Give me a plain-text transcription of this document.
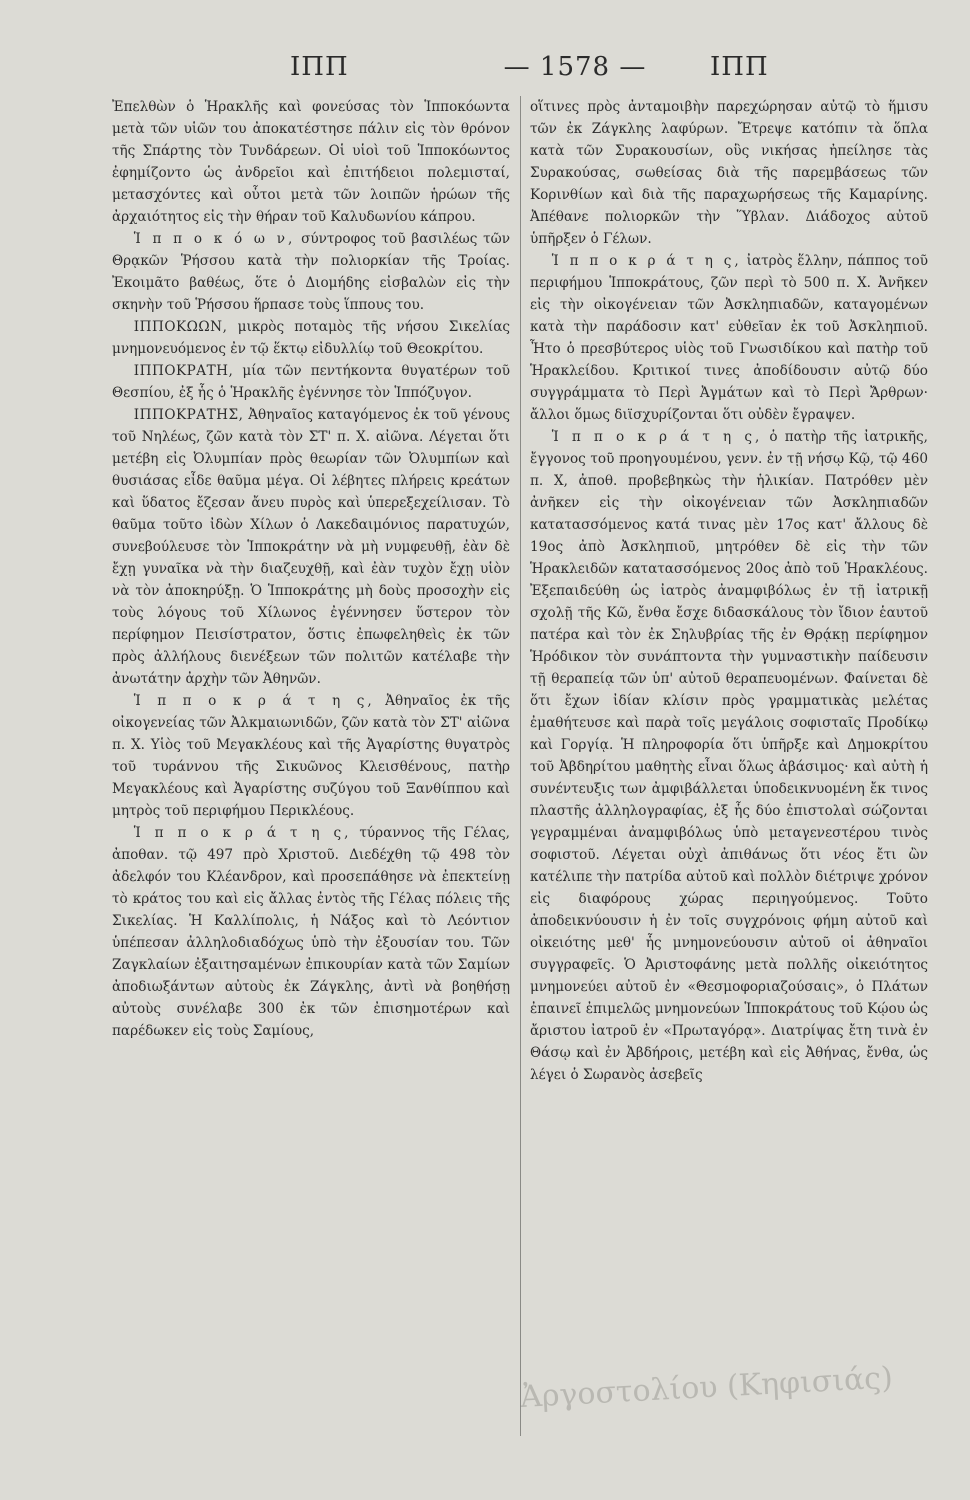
ΙΠΠ	— 1578 —	ΙΠΠ

Ἐπελθὼν ὁ Ἡρακλῆς καὶ φονεύσας τὸν Ἱπποκόωντα μετὰ τῶν υἱῶν του ἀποκατέστησε πάλιν εἰς τὸν θρόνον τῆς Σπάρτης τὸν Τυνδάρεων. Οἱ υἱοὶ τοῦ Ἱπποκόωντος ἐφημίζοντο ὡς ἀνδρεῖοι καὶ ἐπιτήδειοι πολεμισταί, μετασχόντες καὶ οὗτοι μετὰ τῶν λοιπῶν ἡρώων τῆς ἀρχαιότητος εἰς τὴν θήραν τοῦ Καλυδωνίου κάπρου.

Ἱ π π ο κ ό ω ν, σύντροφος τοῦ βασιλέως τῶν Θρᾳκῶν Ῥήσσου κατὰ τὴν πολιορκίαν τῆς Τροίας. Ἐκοιμᾶτο βαθέως, ὅτε ὁ Διομήδης εἰσβαλὼν εἰς τὴν σκηνὴν τοῦ Ῥήσσου ἥρπασε τοὺς ἵππους του.

ΙΠΠΟΚΩΩΝ, μικρὸς ποταμὸς τῆς νήσου Σικελίας μνημονευόμενος ἐν τῷ ἕκτῳ εἰδυλλίῳ τοῦ Θεοκρίτου.

ΙΠΠΟΚΡΑΤΗ, μία τῶν πεντήκοντα θυγατέρων τοῦ Θεσπίου, ἐξ ἧς ὁ Ἡρακλῆς ἐγέννησε τὸν Ἱππόζυγον.

ΙΠΠΟΚΡΑΤΗΣ, Ἀθηναῖος καταγόμενος ἐκ τοῦ γένους τοῦ Νηλέως, ζῶν κατὰ τὸν ΣΤ' π. Χ. αἰῶνα. Λέγεται ὅτι μετέβη εἰς Ὀλυμπίαν πρὸς θεωρίαν τῶν Ὀλυμπίων καὶ θυσιάσας εἶδε θαῦμα μέγα. Οἱ λέβητες πλήρεις κρεάτων καὶ ὕδατος ἔζεσαν ἄνευ πυρὸς καὶ ὑπερεξεχείλισαν. Τὸ θαῦμα τοῦτο ἰδὼν Χίλων ὁ Λακεδαιμόνιος παρατυχών, συνεβούλευσε τὸν Ἱπποκράτην νὰ μὴ νυμφευθῇ, ἐὰν δὲ ἔχῃ γυναῖκα νὰ τὴν διαζευχθῇ, καὶ ἐὰν τυχὸν ἔχῃ υἱὸν νὰ τὸν ἀποκηρύξῃ. Ὁ Ἱπποκράτης μὴ δοὺς προσοχὴν εἰς τοὺς λόγους τοῦ Χίλωνος ἐγέννησεν ὕστερον τὸν περίφημον Πεισίστρατον, ὅστις ἐπωφεληθεὶς ἐκ τῶν πρὸς ἀλλήλους διενέξεων τῶν πολιτῶν κατέλαβε τὴν ἀνωτάτην ἀρχὴν τῶν Ἀθηνῶν.

Ἱ π π ο κ ρ ά τ η ς, Ἀθηναῖος ἐκ τῆς οἰκογενείας τῶν Ἀλκμαιωνιδῶν, ζῶν κατὰ τὸν ΣΤ' αἰῶνα π. Χ. Υἱὸς τοῦ Μεγακλέους καὶ τῆς Ἀγαρίστης θυγατρὸς τοῦ τυράννου τῆς Σικυῶνος Κλεισθένους, πατὴρ Μεγακλέους καὶ Ἀγαρίστης συζύγου τοῦ Ξανθίππου καὶ μητρὸς τοῦ περιφήμου Περικλέους.

Ἱ π π ο κ ρ ά τ η ς, τύραννος τῆς Γέλας, ἀποθαν. τῷ 497 πρὸ Χριστοῦ. Διεδέχθη τῷ 498 τὸν ἀδελφόν του Κλέανδρον, καὶ προσεπάθησε νὰ ἐπεκτείνῃ τὸ κράτος του καὶ εἰς ἄλλας ἐντὸς τῆς Γέλας πόλεις τῆς Σικελίας. Ἡ Καλλίπολις, ἡ Νάξος καὶ τὸ Λεόντιον ὑπέπεσαν ἀλληλοδιαδόχως ὑπὸ τὴν ἐξουσίαν του. Τῶν Ζαγκλαίων ἐξαιτησαμένων ἐπικουρίαν κατὰ τῶν Σαμίων ἀποδιωξάντων αὐτοὺς ἐκ Ζάγκλης, ἀντὶ νὰ βοηθήσῃ αὐτοὺς συνέλαβε 300 ἐκ τῶν ἐπισημοτέρων καὶ παρέδωκεν εἰς τοὺς Σαμίους,

οἵτινες πρὸς ἀνταμοιβὴν παρεχώρησαν αὐτῷ τὸ ἥμισυ τῶν ἐκ Ζάγκλης λαφύρων. Ἔτρεψε κατόπιν τὰ ὅπλα κατὰ τῶν Συρακουσίων, οὓς νικήσας ἠπείλησε τὰς Συρακούσας, σωθείσας διὰ τῆς παρεμβάσεως τῶν Κορινθίων καὶ διὰ τῆς παραχωρήσεως τῆς Καμαρίνης. Ἀπέθανε πολιορκῶν τὴν Ὕβλαν. Διάδοχος αὐτοῦ ὑπῆρξεν ὁ Γέλων.

Ἱ π π ο κ ρ ά τ η ς, ἰατρὸς ἕλλην, πάππος τοῦ περιφήμου Ἱπποκράτους, ζῶν περὶ τὸ 500 π. Χ. Ἀνῆκεν εἰς τὴν οἰκογένειαν τῶν Ἀσκληπιαδῶν, καταγομένων κατὰ τὴν παράδοσιν κατ' εὐθεῖαν ἐκ τοῦ Ἀσκληπιοῦ. Ἦτο ὁ πρεσβύτερος υἱὸς τοῦ Γνωσιδίκου καὶ πατὴρ τοῦ Ἡρακλείδου. Κριτικοί τινες ἀποδίδουσιν αὐτῷ δύο συγγράμματα τὸ Περὶ Ἀγμάτων καὶ τὸ Περὶ Ἄρθρων· ἄλλοι ὅμως διϊσχυρίζονται ὅτι οὐδὲν ἔγραψεν.

Ἱ π π ο κ ρ ά τ η ς, ὁ πατὴρ τῆς ἰατρικῆς, ἔγγονος τοῦ προηγουμένου, γενν. ἐν τῇ νήσῳ Κῷ, τῷ 460 π. Χ, ἀποθ. προβεβηκὼς τὴν ἡλικίαν. Πατρόθεν μὲν ἀνῆκεν εἰς τὴν οἰκογένειαν τῶν Ἀσκληπιαδῶν κατατασσόμενος κατά τινας μὲν 17ος κατ' ἄλλους δὲ 19ος ἀπὸ Ἀσκληπιοῦ, μητρόθεν δὲ εἰς τὴν τῶν Ἡρακλειδῶν κατατασσόμενος 20ος ἀπὸ τοῦ Ἡρακλέους. Ἐξεπαιδεύθη ὡς ἰατρὸς ἀναμφιβόλως ἐν τῇ ἰατρικῇ σχολῇ τῆς Κῶ, ἔνθα ἔσχε διδασκάλους τὸν ἴδιον ἑαυτοῦ πατέρα καὶ τὸν ἐκ Σηλυβρίας τῆς ἐν Θρᾴκῃ περίφημον Ἡρόδικον τὸν συνάπτοντα τὴν γυμναστικὴν παίδευσιν τῇ θεραπείᾳ τῶν ὑπ' αὐτοῦ θεραπευομένων. Φαίνεται δὲ ὅτι ἔχων ἰδίαν κλίσιν πρὸς γραμματικὰς μελέτας ἐμαθήτευσε καὶ παρὰ τοῖς μεγάλοις σοφισταῖς Προδίκῳ καὶ Γοργίᾳ. Ἡ πληροφορία ὅτι ὑπῆρξε καὶ Δημοκρίτου τοῦ Ἀβδηρίτου μαθητὴς εἶναι ὅλως ἀβάσιμος· καὶ αὐτὴ ἡ συνέντευξις των ἀμφιβάλλεται ὑποδεικνυομένη ἔκ τινος πλαστῆς ἀλληλογραφίας, ἐξ ἧς δύο ἐπιστολαὶ σώζονται γεγραμμέναι ἀναμφιβόλως ὑπὸ μεταγενεστέρου τινὸς σοφιστοῦ. Λέγεται οὐχὶ ἀπιθάνως ὅτι νέος ἔτι ὢν κατέλιπε τὴν πατρίδα αὐτοῦ καὶ πολλὸν διέτριψε χρόνον εἰς διαφόρους χώρας περιηγούμενος. Τοῦτο ἀποδεικνύουσιν ἡ ἐν τοῖς συγχρόνοις φήμη αὐτοῦ καὶ οἰκειότης μεθ' ἧς μνημονεύουσιν αὐτοῦ οἱ ἀθηναῖοι συγγραφεῖς. Ὁ Ἀριστοφάνης μετὰ πολλῆς οἰκειότητος μνημονεύει αὐτοῦ ἐν «Θεσμοφοριαζούσαις», ὁ Πλάτων ἐπαινεῖ ἐπιμελῶς μνημονεύων Ἱπποκράτους τοῦ Κῴου ὡς ἄριστου ἰατροῦ ἐν «Πρωταγόρᾳ». Διατρίψας ἔτη τινὰ ἐν Θάσῳ καὶ ἐν Ἀβδήροις, μετέβη καὶ εἰς Ἀθήνας, ἔνθα, ὡς λέγει ὁ Σωρανὸς ἀσεβεῖς

Ἀργοστολίου (Κηφισιάς)
